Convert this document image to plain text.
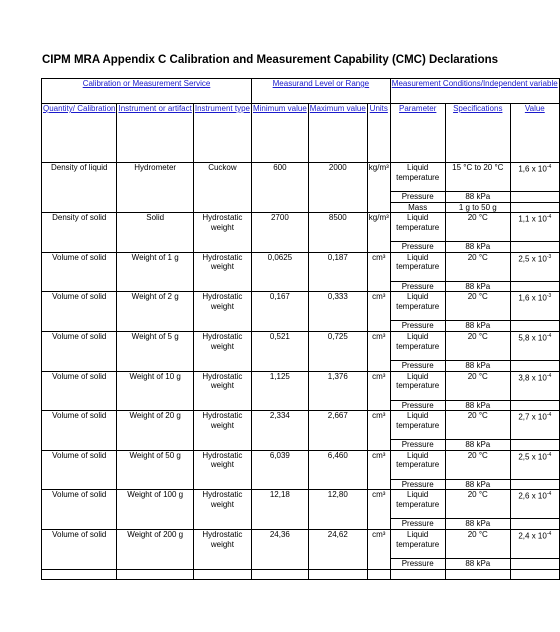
CIPM MRA Appendix C Calibration and Measurement Capability (CMC) Declarations
Calibration or Measurement Service			Measurand Level or Range			Measurement Conditions/Independent variable		
Quantity/ Calibration	Instrument or artifact	Instrument type	Minimum value	Maximum value	Units	Parameter	Specifications	Value
Density of liquid	Hydrometer	Cuckow	600	2000	kg/m³	Liquid temperature	15 °C to 20 °C	1,6 x $10^{-4}$
						Pressure	88 kPa	
						Mass	1 g to 50 g	
Density of solid	Solid	Hydrostatic weight	2700	8500	kg/m³	Liquid temperature	20 °C	1,1 x $10^{-4}$
						Pressure	88 kPa	
Volume of solid	Weight of 1 g	Hydrostatic weight	0,0625	0,187	cm³	Liquid temperature	20 °C	2,5 x $10^{-3}$
						Pressure	88 kPa	
Volume of solid	Weight of 2 g	Hydrostatic weight	0,167	0,333	cm³	Liquid temperature	20 °C	1,6 x $10^{-3}$
						Pressure	88 kPa	
Volume of solid	Weight of 5 g	Hydrostatic weight	0,521	0,725	cm³	Liquid temperature	20 °C	5,8 x $10^{-4}$
						Pressure	88 kPa	
Volume of solid	Weight of 10 g	Hydrostatic weight	1,125	1,376	cm³	Liquid temperature	20 °C	3,8 x $10^{-4}$
						Pressure	88 kPa	
Volume of solid	Weight of 20 g	Hydrostatic weight	2,334	2,667	cm³	Liquid temperature	20 °C	2,7 x $10^{-4}$
						Pressure	88 kPa	
Volume of solid	Weight of 50 g	Hydrostatic weight	6,039	6,460	cm³	Liquid temperature	20 °C	2,5 x $10^{-4}$
						Pressure	88 kPa	
Volume of solid	Weight of 100 g	Hydrostatic weight	12,18	12,80	cm³	Liquid temperature	20 °C	2,6 x $10^{-4}$
						Pressure	88 kPa	
Volume of solid	Weight of 200 g	Hydrostatic weight	24,36	24,62	cm³	Liquid temperature	20 °C	2,4 x $10^{-4}$
						Pressure	88 kPa	
